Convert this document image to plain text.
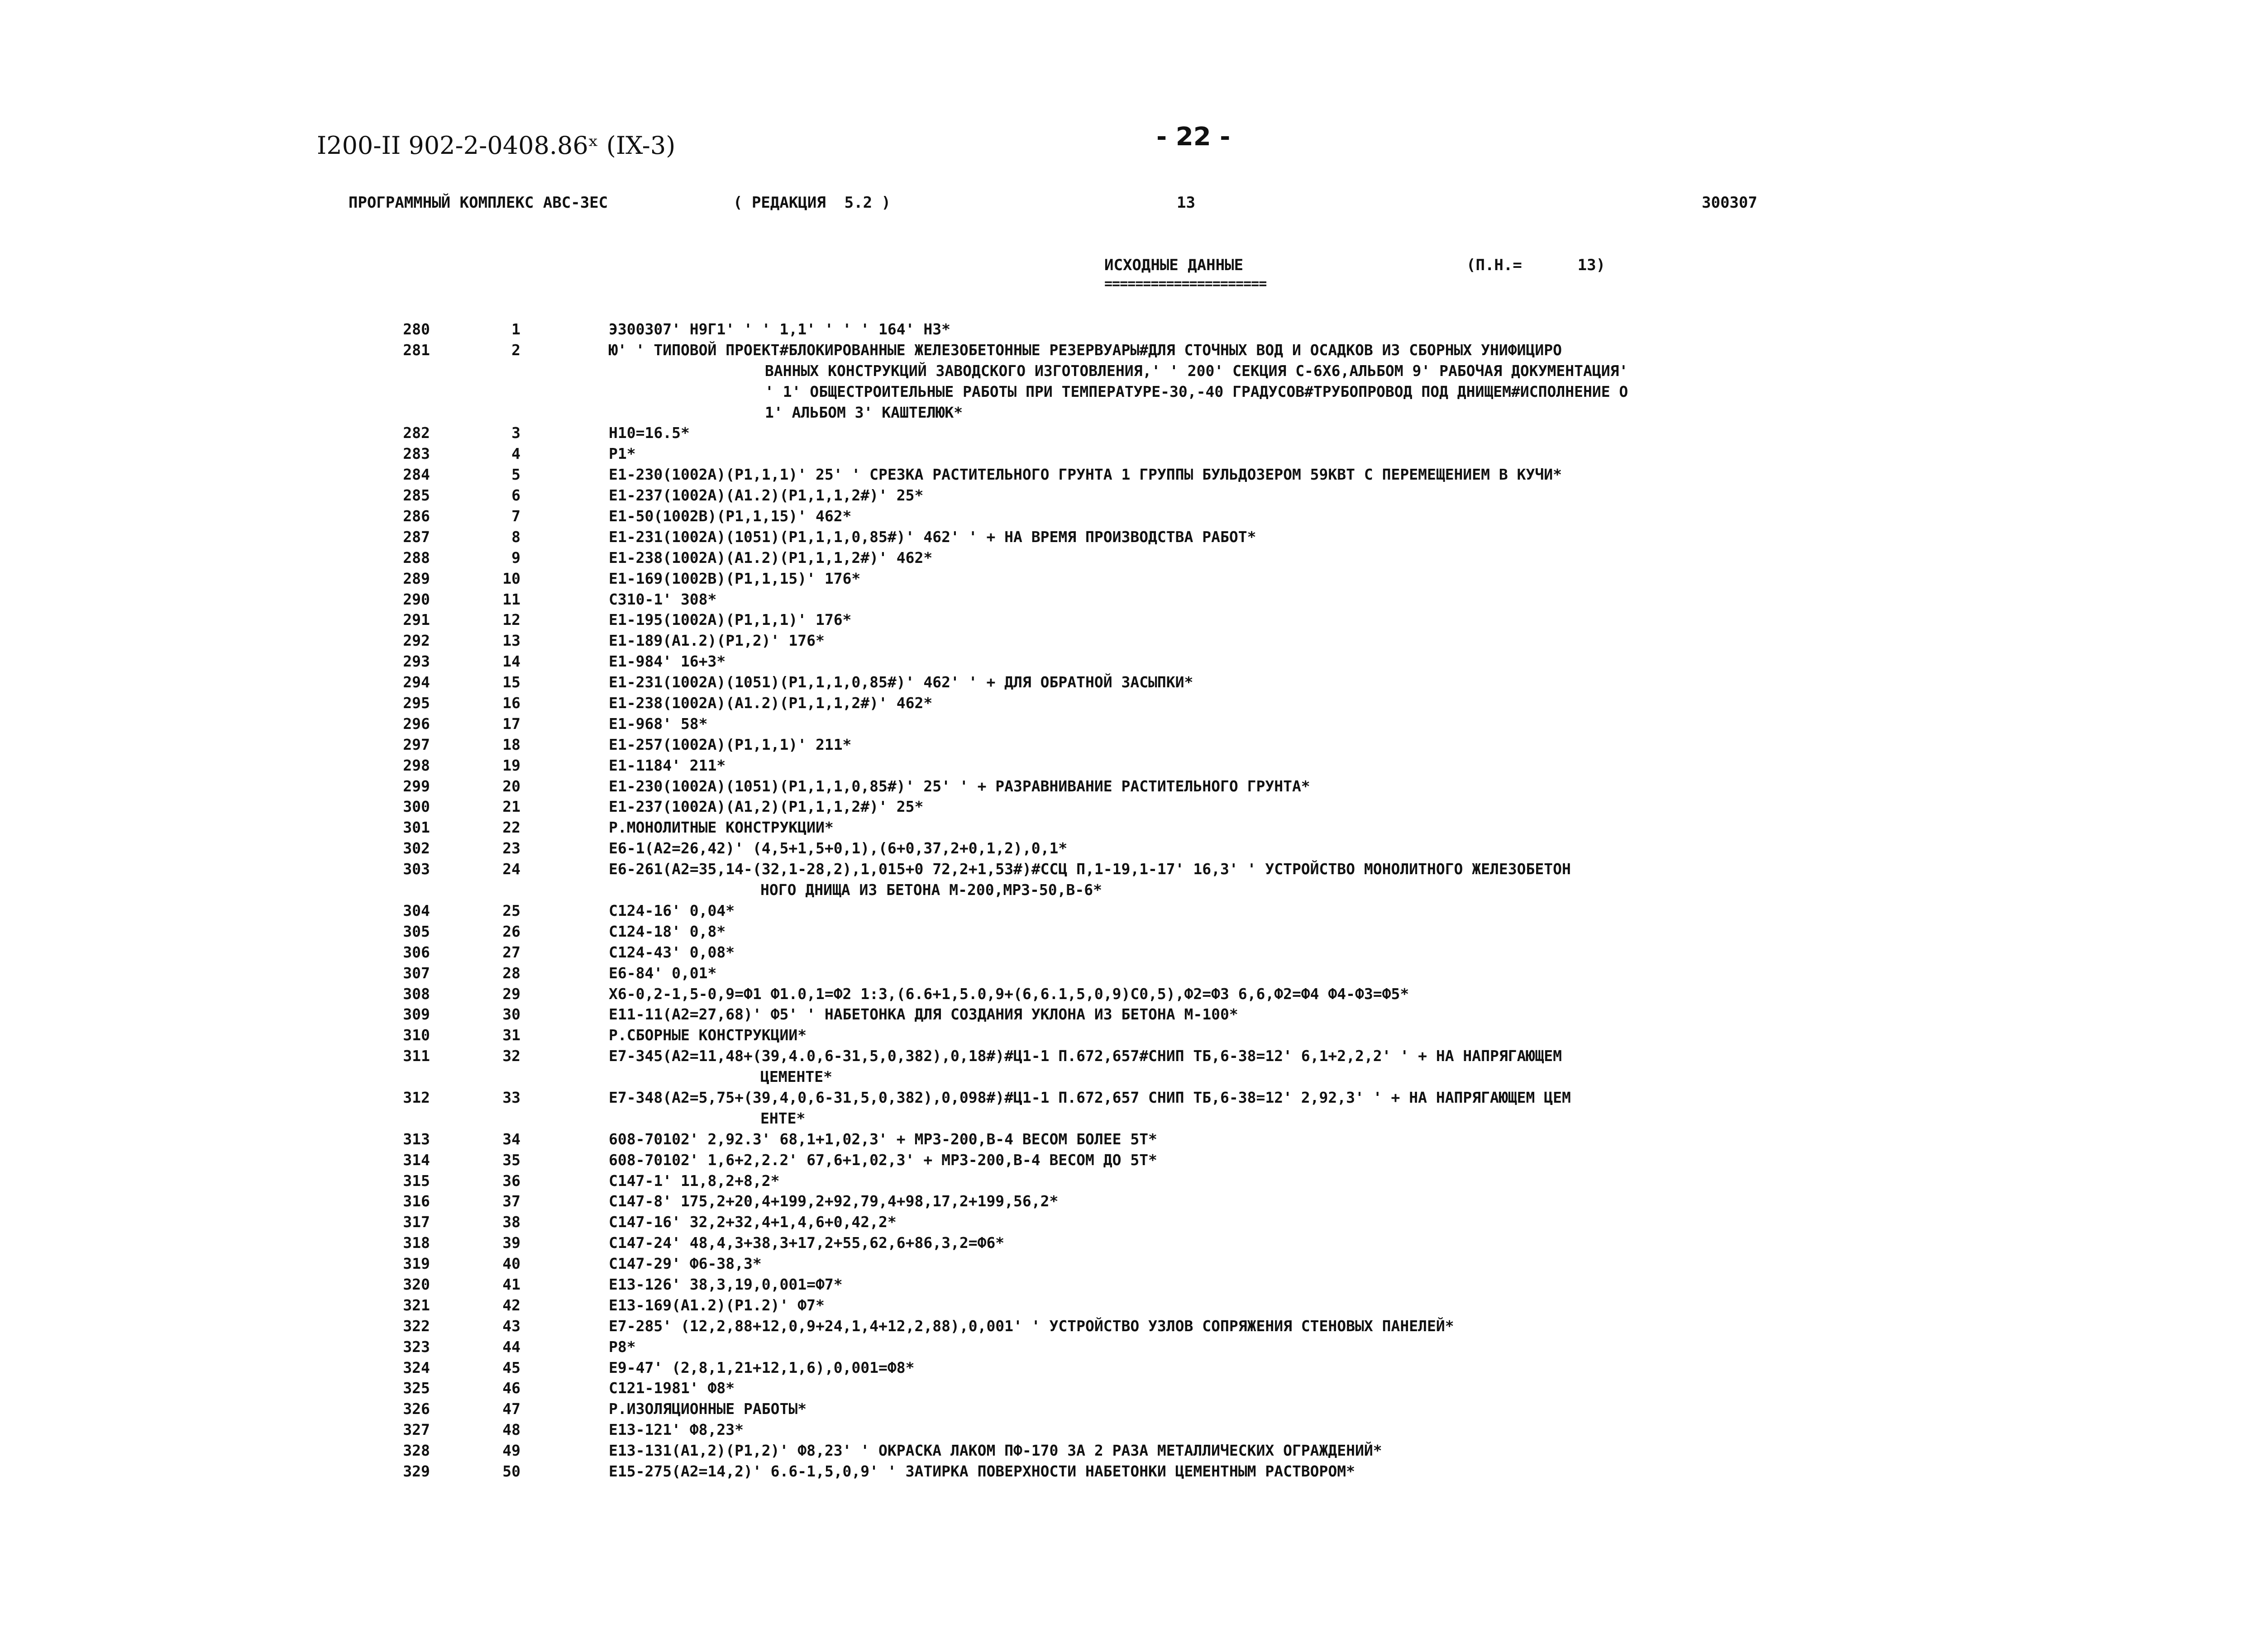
I200-II 902-2-0408.86ˣ (IX-3)	- 22 -
ПРОГРАММНЫЙ КОМПЛЕКС АВС-ЗЕС	( РЕДАКЦИЯ  5.2 )	13	300307
ИСХОДНЫЕ ДАННЫЕ
=====================
(П.Н.=      13)
280	1	Э300307' Н9Г1' ' ' 1,1' ' ' ' 164' НЗ*
281	2	Ю' ' ТИПОВОЙ ПРОЕКТ#БЛОКИРОВАННЫЕ ЖЕЛЕЗОБЕТОННЫЕ РЕЗЕРВУАРЫ#ДЛЯ СТОЧНЫХ ВОД И ОСАДКОВ ИЗ СБОРНЫХ УНИФИЦИРО
ВАННЫХ КОНСТРУКЦИЙ ЗАВОДСКОГО ИЗГОТОВЛЕНИЯ,' ' 200' СЕКЦИЯ С-6Х6,АЛЬБОМ 9' РАБОЧАЯ ДОКУМЕНТАЦИЯ'
' 1' ОБЩЕСТРОИТЕЛЬНЫЕ РАБОТЫ ПРИ ТЕМПЕРАТУРЕ-30,-40 ГРАДУСОВ#ТРУБОПРОВОД ПОД ДНИЩЕМ#ИСПОЛНЕНИЕ О
1' АЛЬБОМ 3' КАШТЕЛЮК*
282	3	Н10=16.5*
283	4	Р1*
284	5	Е1-230(1002А)(Р1,1,1)' 25' ' СРЕЗКА РАСТИТЕЛЬНОГО ГРУНТА 1 ГРУППЫ БУЛЬДОЗЕРОМ 59КВТ С ПЕРЕМЕЩЕНИЕМ В КУЧИ*
285	6	Е1-237(1002А)(А1.2)(Р1,1,1,2#)' 25*
286	7	Е1-50(1002В)(Р1,1,15)' 462*
287	8	Е1-231(1002А)(1051)(Р1,1,1,0,85#)' 462' ' + НА ВРЕМЯ ПРОИЗВОДСТВА РАБОТ*
288	9	Е1-238(1002А)(А1.2)(Р1,1,1,2#)' 462*
289	10	Е1-169(1002В)(Р1,1,15)' 176*
290	11	С310-1' 308*
291	12	Е1-195(1002А)(Р1,1,1)' 176*
292	13	Е1-189(А1.2)(Р1,2)' 176*
293	14	Е1-984' 16+3*
294	15	Е1-231(1002А)(1051)(Р1,1,1,0,85#)' 462' ' + ДЛЯ ОБРАТНОЙ ЗАСЫПКИ*
295	16	Е1-238(1002А)(А1.2)(Р1,1,1,2#)' 462*
296	17	Е1-968' 58*
297	18	Е1-257(1002А)(Р1,1,1)' 211*
298	19	Е1-1184' 211*
299	20	Е1-230(1002А)(1051)(Р1,1,1,0,85#)' 25' ' + РАЗРАВНИВАНИЕ РАСТИТЕЛЬНОГО ГРУНТА*
300	21	Е1-237(1002А)(А1,2)(Р1,1,1,2#)' 25*
301	22	Р.МОНОЛИТНЫЕ КОНСТРУКЦИИ*
302	23	Е6-1(А2=26,42)' (4,5+1,5+0,1),(6+0,37,2+0,1,2),0,1*
303	24	Е6-261(А2=35,14-(32,1-28,2),1,015+0 72,2+1,53#)#ССЦ П,1-19,1-17' 16,3' ' УСТРОЙСТВО МОНОЛИТНОГО ЖЕЛЕЗОБЕТОН
НОГО ДНИЩА ИЗ БЕТОНА М-200,МРЗ-50,В-6*
304	25	С124-16' 0,04*
305	26	С124-18' 0,8*
306	27	С124-43' 0,08*
307	28	Е6-84' 0,01*
308	29	Х6-0,2-1,5-0,9=Ф1 Ф1.0,1=Ф2 1:3,(6.6+1,5.0,9+(6,6.1,5,0,9)С0,5),Ф2=Ф3 6,6,Ф2=Ф4 Ф4-Ф3=Ф5*
309	30	Е11-11(А2=27,68)' Ф5' ' НАБЕТОНКА ДЛЯ СОЗДАНИЯ УКЛОНА ИЗ БЕТОНА М-100*
310	31	Р.СБОРНЫЕ КОНСТРУКЦИИ*
311	32	Е7-345(А2=11,48+(39,4.0,6-31,5,0,382),0,18#)#Ц1-1 П.672,657#СНИП ТБ,6-38=12' 6,1+2,2,2' ' + НА НАПРЯГАЮЩЕМ
ЦЕМЕНТЕ*
312	33	Е7-348(А2=5,75+(39,4,0,6-31,5,0,382),0,098#)#Ц1-1 П.672,657 СНИП ТБ,6-38=12' 2,92,3' ' + НА НАПРЯГАЮЩЕМ ЦЕМ
ЕНТЕ*
313	34	608-70102' 2,92.3' 68,1+1,02,3' + МРЗ-200,В-4 ВЕСОМ БОЛЕЕ 5Т*
314	35	608-70102' 1,6+2,2.2' 67,6+1,02,3' + МРЗ-200,В-4 ВЕСОМ ДО 5Т*
315	36	С147-1' 11,8,2+8,2*
316	37	С147-8' 175,2+20,4+199,2+92,79,4+98,17,2+199,56,2*
317	38	С147-16' 32,2+32,4+1,4,6+0,42,2*
318	39	С147-24' 48,4,3+38,3+17,2+55,62,6+86,3,2=Ф6*
319	40	С147-29' Ф6-38,3*
320	41	Е13-126' 38,3,19,0,001=Ф7*
321	42	Е13-169(А1.2)(Р1.2)' Ф7*
322	43	Е7-285' (12,2,88+12,0,9+24,1,4+12,2,88),0,001' ' УСТРОЙСТВО УЗЛОВ СОПРЯЖЕНИЯ СТЕНОВЫХ ПАНЕЛЕЙ*
323	44	Р8*
324	45	Е9-47' (2,8,1,21+12,1,6),0,001=Ф8*
325	46	С121-1981' Ф8*
326	47	Р.ИЗОЛЯЦИОННЫЕ РАБОТЫ*
327	48	Е13-121' Ф8,23*
328	49	Е13-131(А1,2)(Р1,2)' Ф8,23' ' ОКРАСКА ЛАКОМ ПФ-170 ЗА 2 РАЗА МЕТАЛЛИЧЕСКИХ ОГРАЖДЕНИЙ*
329	50	Е15-275(А2=14,2)' 6.6-1,5,0,9' ' ЗАТИРКА ПОВЕРХНОСТИ НАБЕТОНКИ ЦЕМЕНТНЫМ РАСТВОРОМ*
